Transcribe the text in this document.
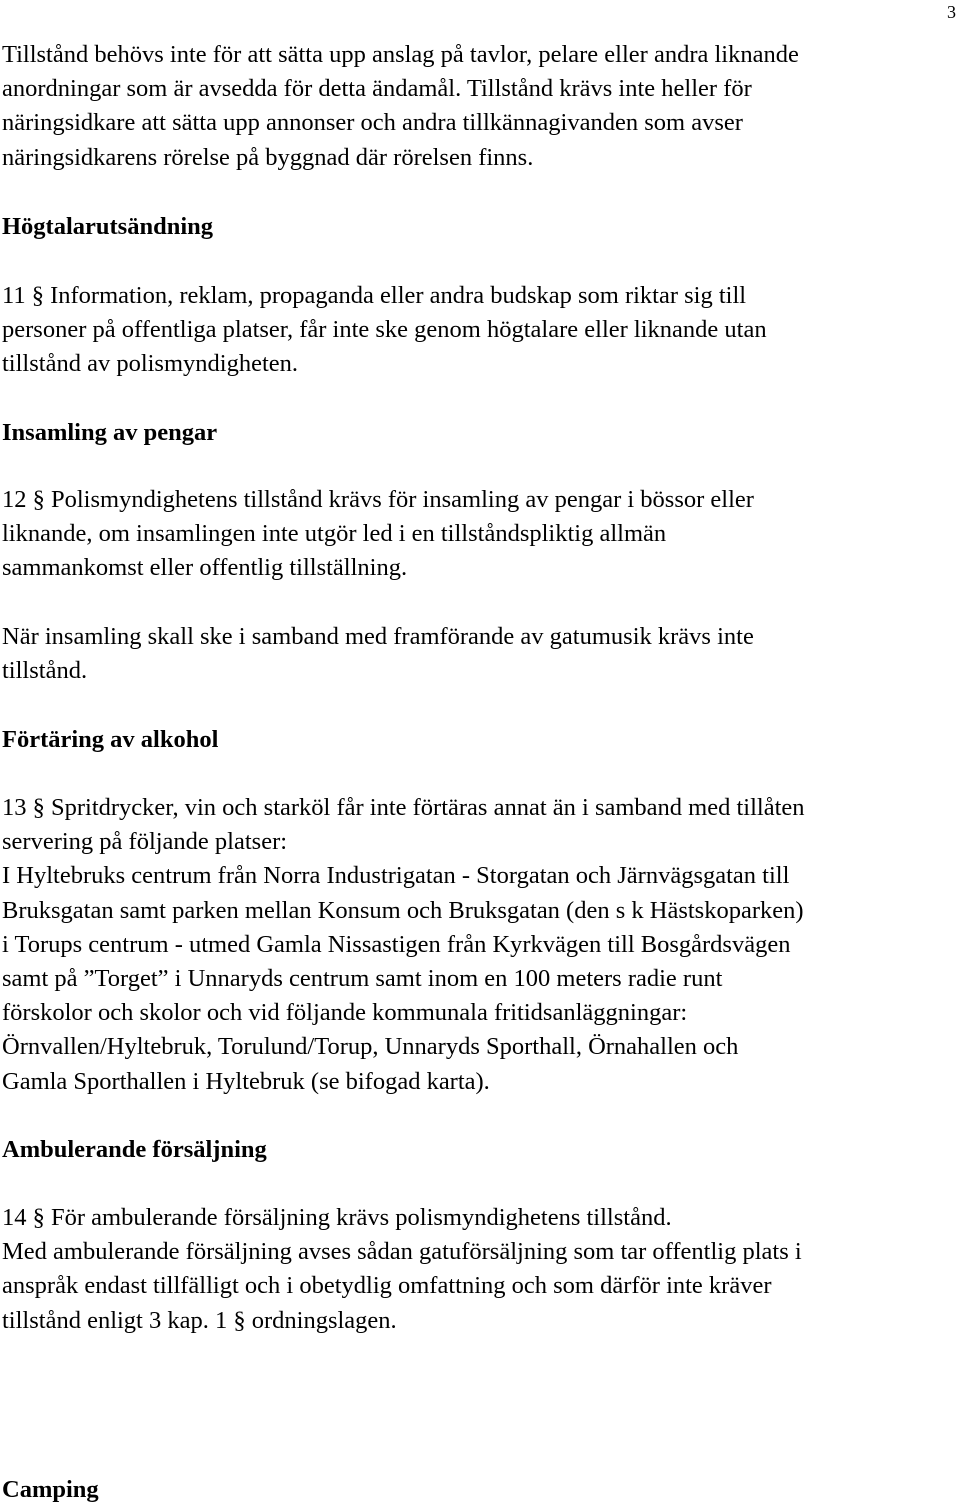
3
Tillstånd behövs inte för att sätta upp anslag på tavlor, pelare eller andra liknande
anordningar som är avsedda för detta ändamål. Tillstånd krävs inte heller för
näringsidkare att sätta upp annonser och andra tillkännagivanden som avser
näringsidkarens rörelse på byggnad där rörelsen finns.
Högtalarutsändning
11 § Information, reklam, propaganda eller andra budskap som riktar sig till
personer på offentliga platser, får inte ske genom högtalare eller liknande utan
tillstånd av polismyndigheten.
Insamling av pengar
12 § Polismyndighetens tillstånd krävs för insamling av pengar i bössor eller
liknande, om insamlingen inte utgör led i en tillståndspliktig allmän
sammankomst eller offentlig tillställning.
När insamling skall ske i samband med framförande av gatumusik krävs inte
tillstånd.
Förtäring av alkohol
13 § Spritdrycker, vin och starköl får inte förtäras annat än i samband med tillåten
servering på följande platser:
I Hyltebruks centrum från Norra Industrigatan - Storgatan och Järnvägsgatan till
Bruksgatan samt parken mellan Konsum och Bruksgatan (den s k Hästskoparken)
i Torups centrum - utmed Gamla Nissastigen från Kyrkvägen till Bosgårdsvägen
samt på ”Torget” i Unnaryds centrum samt inom en 100 meters radie runt
förskolor och skolor och vid följande kommunala fritidsanläggningar:
Örnvallen/Hyltebruk, Torulund/Torup, Unnaryds Sporthall, Örnahallen och
Gamla Sporthallen i Hyltebruk (se bifogad karta).
Ambulerande försäljning
14 § För ambulerande försäljning krävs polismyndighetens tillstånd.
Med ambulerande försäljning avses sådan gatuförsäljning som tar offentlig plats i
anspråk endast tillfälligt och i obetydlig omfattning och som därför inte kräver
tillstånd enligt 3 kap. 1 § ordningslagen.
Camping
